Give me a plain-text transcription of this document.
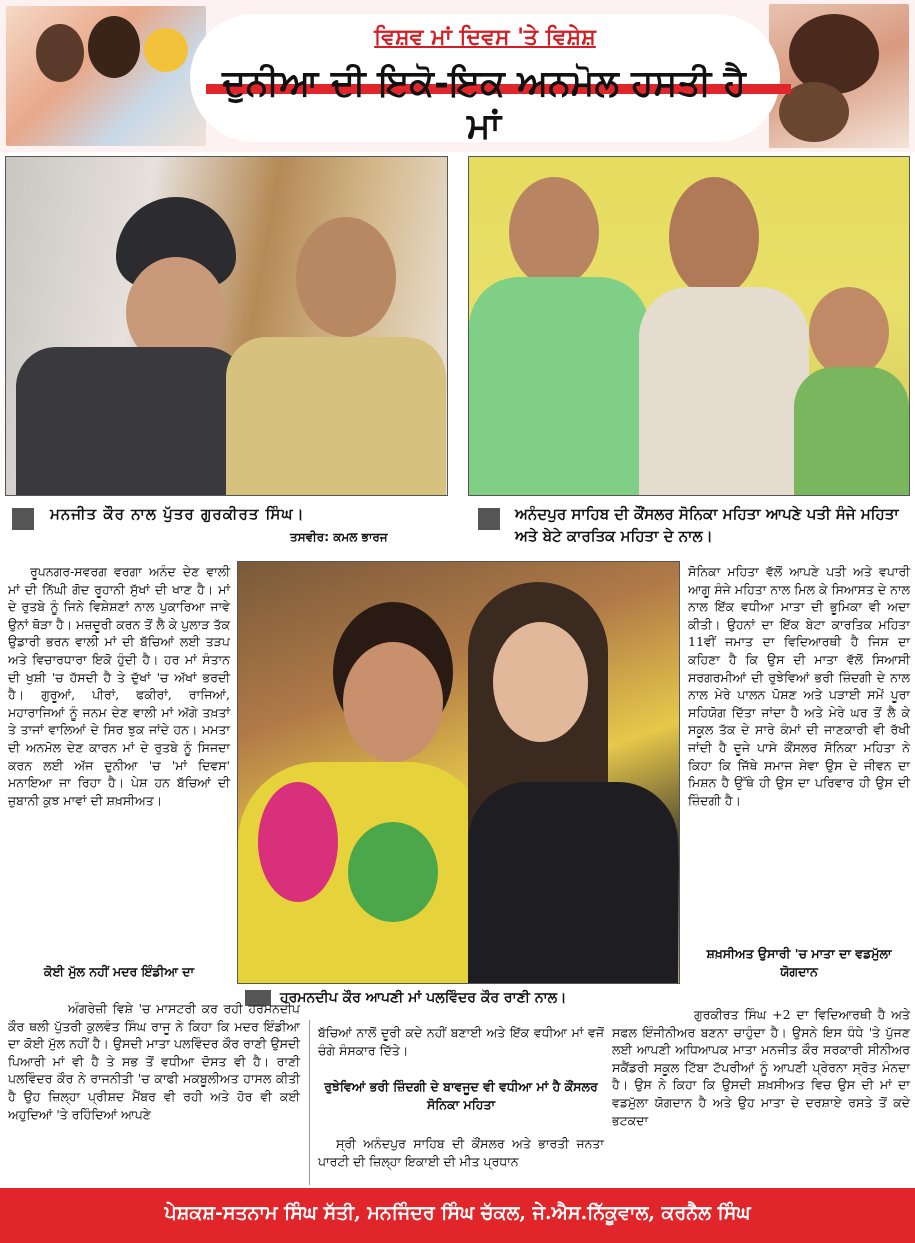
ਵਿਸ਼ਵ ਮਾਂ ਦਿਵਸ 'ਤੇ ਵਿਸ਼ੇਸ਼
ਦੁਨੀਆ ਦੀ ਇਕੋ-ਇਕ ਅਨਮੋਲ ਹਸਤੀ ਹੈ ਮਾਂ
ਮਨਜੀਤ ਕੌਰ ਨਾਲ ਪੁੱਤਰ ਗੁਰਕੀਰਤ ਸਿੰਘ।
ਤਸਵੀਰ: ਕਮਲ ਭਾਰਜ
ਅਨੰਦਪੁਰ ਸਾਹਿਬ ਦੀ ਕੌਂਸਲਰ ਸੋਨਿਕਾ ਮਹਿਤਾ ਆਪਣੇ ਪਤੀ ਸੰਜੇ ਮਹਿਤਾ ਅਤੇ ਬੇਟੇ ਕਾਰਤਿਕ ਮਹਿਤਾ ਦੇ ਨਾਲ।
ਰੂਪਨਗਰ-ਸਵਰਗ ਵਰਗਾ ਅਨੰਦ ਦੇਣ ਵਾਲੀ ਮਾਂ ਦੀ ਨਿੱਘੀ ਗੋਦ ਰੂਹਾਨੀ ਸੁੱਖਾਂ ਦੀ ਖਾਣ ਹੈ। ਮਾਂ ਦੇ ਰੁਤਬੇ ਨੂੰ ਜਿਨੇ ਵਿਸ਼ੇਸ਼ਣਾਂ ਨਾਲ ਪੁਕਾਰਿਆ ਜਾਵੇ ਉਨਾਂ ਥੋੜਾ ਹੈ। ਮਜ਼ਦੂਰੀ ਕਰਨ ਤੋਂ ਲੈ ਕੇ ਪੁਲਾੜ ਤੱਕ ਉਡਾਰੀ ਭਰਨ ਵਾਲੀ ਮਾਂ ਦੀ ਬੱਚਿਆਂ ਲਈ ਤੜਪ ਅਤੇ ਵਿਚਾਰਧਾਰਾ ਇਕੋ ਹੁੰਦੀ ਹੈ। ਹਰ ਮਾਂ ਸੰਤਾਨ ਦੀ ਖੁਸ਼ੀ 'ਚ ਹੱਸਦੀ ਹੈ ਤੇ ਦੁੱਖਾਂ 'ਚ ਅੱਖਾਂ ਭਰਦੀ ਹੈ। ਗੁਰੂਆਂ, ਪੀਰਾਂ, ਫਕੀਰਾਂ, ਰਾਜਿਆਂ, ਮਹਾਰਾਜਿਆਂ ਨੂੰ ਜਨਮ ਦੇਣ ਵਾਲੀ ਮਾਂ ਅੱਗੇ ਤਖ਼ਤਾਂ ਤੇ ਤਾਜਾਂ ਵਾਲਿਆਂ ਦੇ ਸਿਰ ਝੁਕ ਜਾਂਦੇ ਹਨ। ਮਮਤਾ ਦੀ ਅਨਮੋਲ ਦੇਣ ਕਾਰਨ ਮਾਂ ਦੇ ਰੁਤਬੇ ਨੂੰ ਸਿਜਦਾ ਕਰਨ ਲਈ ਅੱਜ ਦੁਨੀਆ 'ਚ 'ਮਾਂ ਦਿਵਸ' ਮਨਾਇਆ ਜਾ ਰਿਹਾ ਹੈ। ਪੇਸ਼ ਹਨ ਬੱਚਿਆਂ ਦੀ ਜ਼ੁਬਾਨੀ ਕੁਝ ਮਾਵਾਂ ਦੀ ਸ਼ਖ਼ਸੀਅਤ।
ਕੋਈ ਮੁੱਲ ਨਹੀਂ ਮਦਰ ਇੰਡੀਆ ਦਾ
ਹਰਮਨਦੀਪ ਕੌਰ ਆਪਣੀ ਮਾਂ ਪਲਵਿੰਦਰ ਕੌਰ ਰਾਣੀ ਨਾਲ।
ਅੰਗਰੇਜ਼ੀ ਵਿਸ਼ੇ 'ਚ ਮਾਸਟਰੀ ਕਰ ਰਹੀ ਹਰਮਨਦੀਪ ਕੌਰ ਥਲੀ ਪੁੱਤਰੀ ਕੁਲਵੰਤ ਸਿੰਘ ਰਾਜੂ ਨੇ ਕਿਹਾ ਕਿ ਮਦਰ ਇੰਡੀਆ ਦਾ ਕੋਈ ਮੁੱਲ ਨਹੀਂ ਹੈ। ਉਸਦੀ ਮਾਤਾ ਪਲਵਿੰਦਰ ਕੌਰ ਰਾਣੀ ਉਸਦੀ ਪਿਆਰੀ ਮਾਂ ਵੀ ਹੈ ਤੇ ਸਭ ਤੋਂ ਵਧੀਆ ਦੋਸਤ ਵੀ ਹੈ। ਰਾਣੀ ਪਲਵਿੰਦਰ ਕੌਰ ਨੇ ਰਾਜਨੀਤੀ 'ਚ ਕਾਫੀ ਮਕਬੂਲੀਅਤ ਹਾਸਲ ਕੀਤੀ ਹੈ ਉਹ ਜ਼ਿਲ੍ਹਾ ਪ੍ਰੀਸ਼ਦ ਮੈਂਬਰ ਵੀ ਰਹੀ ਅਤੇ ਹੋਰ ਵੀ ਕਈ ਅਹੁਦਿਆਂ 'ਤੇ ਰਹਿੰਦਿਆਂ ਆਪਣੇ
ਬੱਚਿਆਂ ਨਾਲੋਂ ਦੂਰੀ ਕਦੇ ਨਹੀਂ ਬਣਾਈ ਅਤੇ ਇੱਕ ਵਧੀਆ ਮਾਂ ਵਜੋਂ ਚੰਗੇ ਸੰਸਕਾਰ ਦਿੱਤੇ।
ਰੁਝੇਵਿਆਂ ਭਰੀ ਜ਼ਿੰਦਗੀ ਦੇ ਬਾਵਜੂਦ ਵੀ ਵਧੀਆ ਮਾਂ ਹੈ ਕੌਂਸਲਰ ਸੋਨਿਕਾ ਮਹਿਤਾ
ਸ੍ਰੀ ਅਨੰਦਪੁਰ ਸਾਹਿਬ ਦੀ ਕੌਂਸਲਰ ਅਤੇ ਭਾਰਤੀ ਜਨਤਾ ਪਾਰਟੀ ਦੀ ਜ਼ਿਲ੍ਹਾ ਇਕਾਈ ਦੀ ਮੀਤ ਪ੍ਰਧਾਨ
ਸੋਨਿਕਾ ਮਹਿਤਾ ਵੱਲੋਂ ਆਪਣੇ ਪਤੀ ਅਤੇ ਵਪਾਰੀ ਆਗੂ ਸੰਜੇ ਮਹਿਤਾ ਨਾਲ ਮਿਲ ਕੇ ਸਿਆਸਤ ਦੇ ਨਾਲ ਨਾਲ ਇੱਕ ਵਧੀਆ ਮਾਤਾ ਦੀ ਭੂਮਿਕਾ ਵੀ ਅਦਾ ਕੀਤੀ। ਉਹਨਾਂ ਦਾ ਇੱਕ ਬੇਟਾ ਕਾਰਤਿਕ ਮਹਿਤਾ 11ਵੀਂ ਜਮਾਤ ਦਾ ਵਿਦਿਆਰਥੀ ਹੈ ਜਿਸ ਦਾ ਕਹਿਣਾ ਹੈ ਕਿ ਉਸ ਦੀ ਮਾਤਾ ਵੱਲੋਂ ਸਿਆਸੀ ਸਰਗਰਮੀਆਂ ਦੀ ਰੁਝੇਵਿਆਂ ਭਰੀ ਜ਼ਿੰਦਗੀ ਦੇ ਨਾਲ ਨਾਲ ਮੇਰੇ ਪਾਲਨ ਪੋਸ਼ਣ ਅਤੇ ਪੜਾਈ ਸਮੇਂ ਪੂਰਾ ਸਹਿਯੋਗ ਦਿੱਤਾ ਜਾਂਦਾ ਹੈ ਅਤੇ ਮੇਰੇ ਘਰ ਤੋਂ ਲੈ ਕੇ ਸਕੂਲ ਤੱਕ ਦੇ ਸਾਰੇ ਕੰਮਾਂ ਦੀ ਜਾਣਕਾਰੀ ਵੀ ਰੱਖੀ ਜਾਂਦੀ ਹੈ ਦੂਜੇ ਪਾਸੇ ਕੌਂਸਲਰ ਸੋਨਿਕਾ ਮਹਿਤਾ ਨੇ ਕਿਹਾ ਕਿ ਜਿੱਥੇ ਸਮਾਜ ਸੇਵਾ ਉਸ ਦੇ ਜੀਵਨ ਦਾ ਮਿਸ਼ਨ ਹੈ ਉੱਥੇ ਹੀ ਉਸ ਦਾ ਪਰਿਵਾਰ ਹੀ ਉਸ ਦੀ ਜ਼ਿੰਦਗੀ ਹੈ।
ਸ਼ਖ਼ਸੀਅਤ ਉਸਾਰੀ 'ਚ ਮਾਤਾ ਦਾ ਵਡਮੁੱਲਾ ਯੋਗਦਾਨ
ਗੁਰਕੀਰਤ ਸਿੰਘ +2 ਦਾ ਵਿਦਿਆਰਥੀ ਹੈ ਅਤੇ ਸਫਲ ਇੰਜੀਨੀਅਰ ਬਣਨਾ ਚਾਹੁੰਦਾ ਹੈ। ਉਸਨੇ ਇਸ ਧੰਧੇ 'ਤੇ ਪੁੱਜਣ ਲਈ ਆਪਣੀ ਅਧਿਆਪਕ ਮਾਤਾ ਮਨਜੀਤ ਕੌਰ ਸਰਕਾਰੀ ਸੀਨੀਅਰ ਸਕੈਂਡਰੀ ਸਕੂਲ ਟਿੱਬਾ ਟੱਪਰੀਆਂ ਨੂੰ ਆਪਣੀ ਪ੍ਰੇਰਨਾ ਸ੍ਰੋਤ ਮੰਨਦਾ ਹੈ। ਉਸ ਨੇ ਕਿਹਾ ਕਿ ਉਸਦੀ ਸ਼ਖ਼ਸੀਅਤ ਵਿਚ ਉਸ ਦੀ ਮਾਂ ਦਾ ਵਡਮੁੱਲਾ ਯੋਗਦਾਨ ਹੈ ਅਤੇ ਉਹ ਮਾਤਾ ਦੇ ਦਰਸ਼ਾਏ ਰਸਤੇ ਤੋਂ ਕਦੇ ਭਟਕਦਾ
ਪੇਸ਼ਕਸ਼-ਸਤਨਾਮ ਸਿੰਘ ਸੱਤੀ, ਮਨਜਿੰਦਰ ਸਿੰਘ ਚੱਕਲ, ਜੇ.ਐਸ.ਨਿੱਕੂਵਾਲ, ਕਰਨੈਲ ਸਿੰਘ
